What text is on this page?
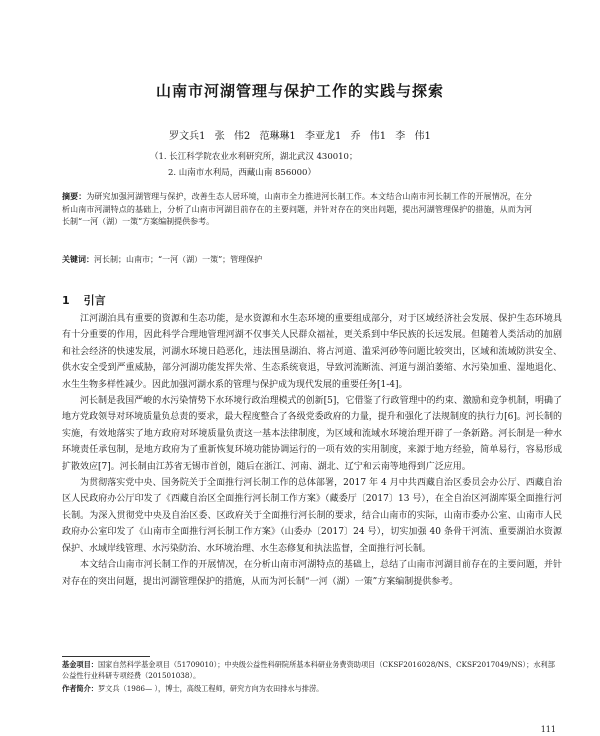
山南市河湖管理与保护工作的实践与探索
罗文兵1 张 伟2 范琳琳1 李亚龙1 乔 伟1 李 伟1
（1. 长江科学院农业水利研究所，湖北武汉 430010；
2. 山南市水利局，西藏山南 856000）
摘要：为研究加强河湖管理与保护，改善生态人居环境，山南市全力推进河长制工作。本文结合山南市河长制工作的开展情况，在分析山南市河湖特点的基础上，分析了山南市河湖目前存在的主要问题，并针对存在的突出问题，提出河湖管理保护的措施，从而为河长制“一河（湖）一策”方案编制提供参考。
关键词：河长制；山南市；“一河（湖）一策”；管理保护
1 引言

江河湖泊具有重要的资源和生态功能，是水资源和水生态环境的重要组成部分，对于区域经济社会发展、保护生态环境具有十分重要的作用，因此科学合理地管理河湖不仅事关人民群众福祉，更关系到中华民族的长远发展。但随着人类活动的加剧和社会经济的快速发展，河湖水环境日趋恶化，违法围垦湖泊、将占河道、滥采河砂等问题比较突出，区域和流域防洪安全、供水安全受到严重威胁，部分河湖功能发挥失常、生态系统衰退，导致河流断流、河道与湖泊萎缩、水污染加重、湿地退化、水生生物多样性减少。因此加强河湖水系的管理与保护成为现代发展的重要任务[1-4]。

河长制是我国严峻的水污染情势下水环境行政治理模式的创新[5]，它借鉴了行政管理中的约束、激励和竞争机制，明确了地方党政领导对环境质量负总责的要求，最大程度整合了各级党委政府的力量，提升和强化了法规制度的执行力[6]。河长制的实施，有效地落实了地方政府对环境质量负责这一基本法律制度，为区域和流域水环境治理开辟了一条新路。河长制是一种水环境责任承包制，是地方政府为了重新恢复环境功能协调运行的一项有效的实用制度，来源于地方经验，简单易行，容易形成扩散效应[7]。河长制由江苏省无锡市首创，随后在浙江、河南、湖北、辽宁和云南等地得到广泛应用。

为贯彻落实党中央、国务院关于全面推行河长制工作的总体部署，2017 年 4 月中共西藏自治区委员会办公厅、西藏自治区人民政府办公厅印发了《西藏自治区全面推行河长制工作方案》（藏委厅〔2017〕13 号），在全自治区河湖库渠全面推行河长制。为深入贯彻党中央及自治区委、区政府关于全面推行河长制的要求，结合山南市的实际，山南市委办公室、山南市人民政府办公室印发了《山南市全面推行河长制工作方案》（山委办〔2017〕24 号），切实加强 40 条骨干河流、重要湖泊水资源保护、水域岸线管理、水污染防治、水环境治理、水生态修复和执法监督，全面推行河长制。

本文结合山南市河长制工作的开展情况，在分析山南市河湖特点的基础上，总结了山南市河湖目前存在的主要问题，并针对存在的突出问题，提出河湖管理保护的措施，从而为河长制“一河（湖）一策”方案编制提供参考。

基金项目：国家自然科学基金项目（51709010）；中央级公益性科研院所基本科研业务费资助项目（CKSF2016028/NS、CKSF2017049/NS）；水利部公益性行业科研专项经费（201501038）。
作者简介：罗文兵（1986— ），博士，高级工程师，研究方向为农田排水与排涝。
111
